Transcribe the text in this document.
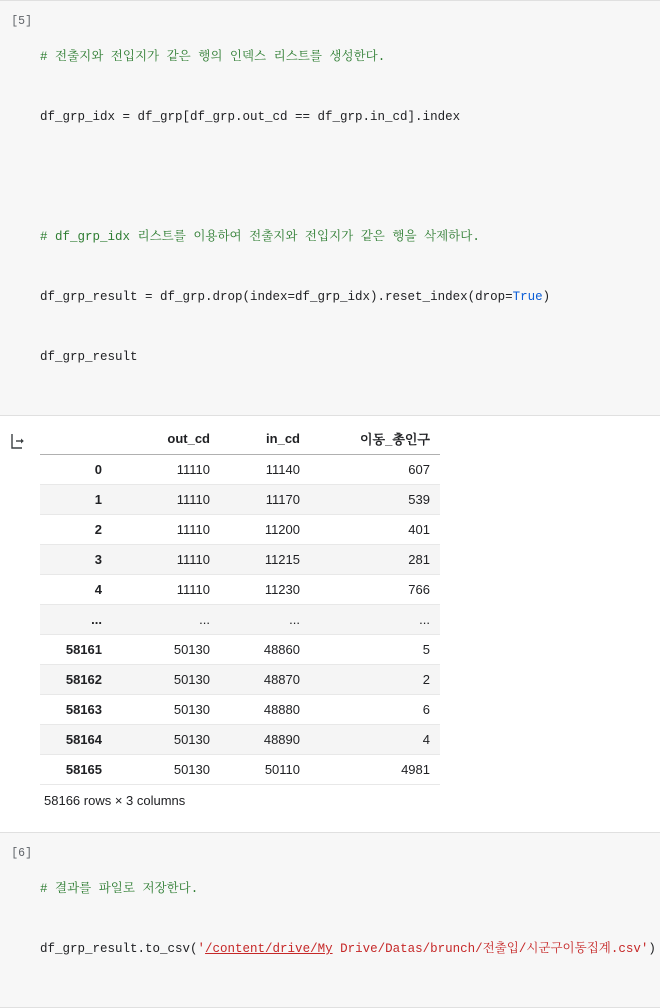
[5]

# 전출지와 전입지가 같은 행의 인덱스 리스트를 생성한다.

df_grp_idx = df_grp[df_grp.out_cd == df_grp.in_cd].index

# df_grp_idx 리스트를 이용하여 전출지와 전입지가 같은 행을 삭제하다.

df_grp_result = df_grp.drop(index=df_grp_idx).reset_index(drop=True)

df_grp_result

	out_cd	in_cd	이동_총인구
0	11110	11140	607
1	11110	11170	539
2	11110	11200	401
3	11110	11215	281
4	11110	11230	766
...	...	...	...
58161	50130	48860	5
58162	50130	48870	2
58163	50130	48880	6
58164	50130	48890	4
58165	50130	50110	4981
58166 rows × 3 columns
[6]

# 결과를 파일로 저장한다.

df_grp_result.to_csv('/content/drive/My Drive/Datas/brunch/전출입/시군구이동집계.csv')
